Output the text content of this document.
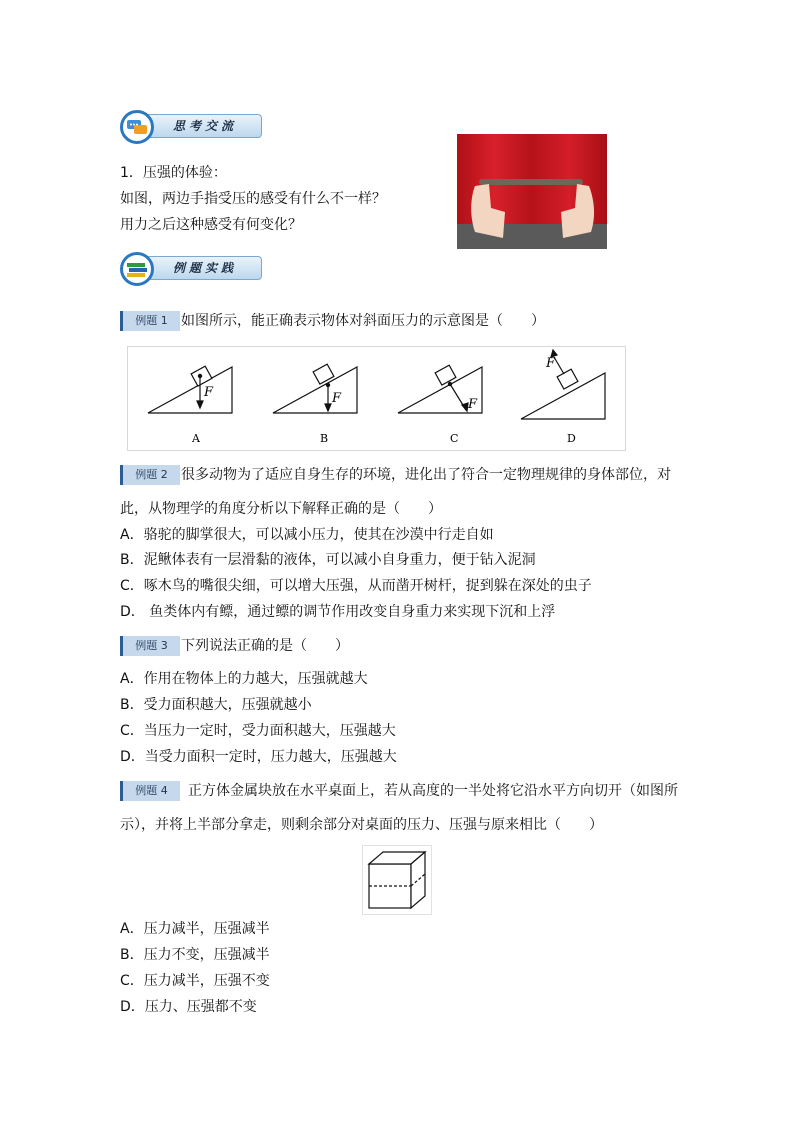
思考交流
1．压强的体验：
如图，两边手指受压的感受有什么不一样？
用力之后这种感受有何变化？
例题实践
例题 1 如图所示，能正确表示物体对斜面压力的示意图是（　　）
F
A
F
B
F
C
F
D
例题 2 很多动物为了适应自身生存的环境，进化出了符合一定物理规律的身体部位，对
此，从物理学的角度分析以下解释正确的是（　　）
A．骆驼的脚掌很大，可以减小压力，使其在沙漠中行走自如
B．泥鳅体表有一层滑黏的液体，可以减小自身重力，便于钻入泥洞
C．啄木鸟的嘴很尖细，可以增大压强，从而凿开树杆，捉到躲在深处的虫子
D． 鱼类体内有鳔，通过鳔的调节作用改变自身重力来实现下沉和上浮
例题 3 下列说法正确的是（　　）
A．作用在物体上的力越大，压强就越大
B．受力面积越大，压强就越小
C．当压力一定时，受力面积越大，压强越大
D．当受力面积一定时，压力越大，压强越大
例题 4	正方体金属块放在水平桌面上，若从高度的一半处将它沿水平方向切开（如图所
示），并将上半部分拿走，则剩余部分对桌面的压力、压强与原来相比（　　）
A．压力减半，压强减半
B．压力不变，压强减半
C．压力减半，压强不变
D．压力、压强都不变
